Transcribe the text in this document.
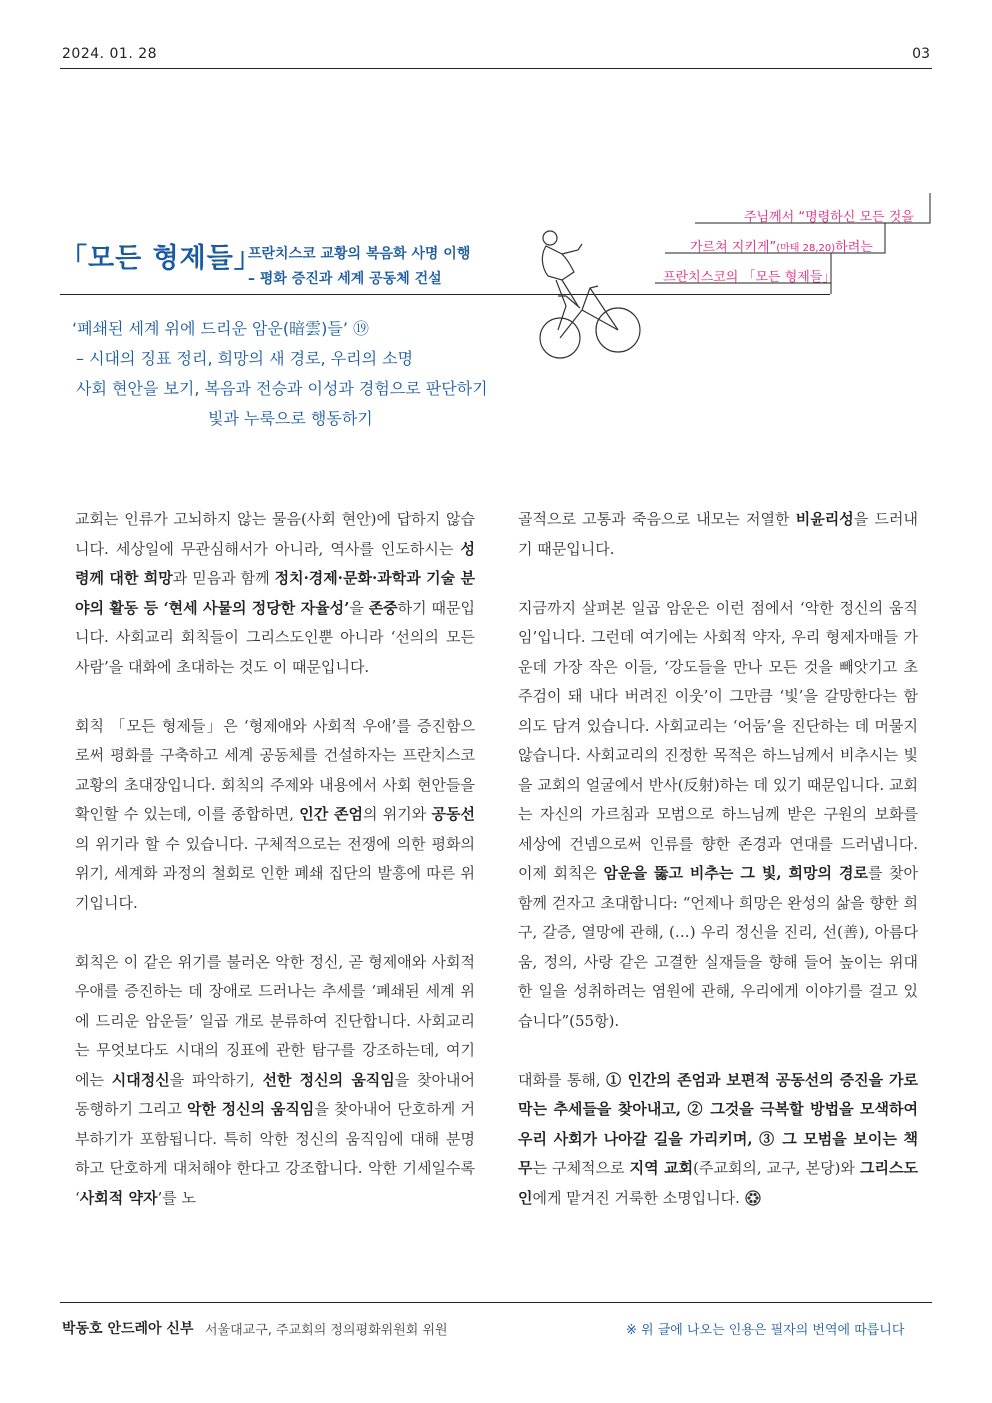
2024. 01. 28	03
「모든 형제들」
프란치스코 교황의 복음화 사명 이행
– 평화 증진과 세계 공동체 건설
주님께서 “명령하신 모든 것을
가르쳐 지키게”(마태 28,20)하려는
프란치스코의 「모든 형제들」
‘폐쇄된 세계 위에 드리운 암운(暗雲)들’ ⑲
– 시대의 징표 정리, 희망의 새 경로, 우리의 소명
사회 현안을 보기, 복음과 전승과 이성과 경험으로 판단하기
빛과 누룩으로 행동하기

교회는 인류가 고뇌하지 않는 물음(사회 현안)에 답하지 않습니다. 세상일에 무관심해서가 아니라, 역사를 인도하시는 성령께 대한 희망과 믿음과 함께 정치·경제·문화·과학과 기술 분야의 활동 등 ‘현세 사물의 정당한 자율성’을 존중하기 때문입니다. 사회교리 회칙들이 그리스도인뿐 아니라 ‘선의의 모든 사람’을 대화에 초대하는 것도 이 때문입니다.

회칙 「모든 형제들」은 ‘형제애와 사회적 우애’를 증진함으로써 평화를 구축하고 세계 공동체를 건설하자는 프란치스코 교황의 초대장입니다. 회칙의 주제와 내용에서 사회 현안들을 확인할 수 있는데, 이를 종합하면, 인간 존엄의 위기와 공동선의 위기라 할 수 있습니다. 구체적으로는 전쟁에 의한 평화의 위기, 세계화 과정의 철회로 인한 폐쇄 집단의 발흥에 따른 위기입니다.

회칙은 이 같은 위기를 불러온 악한 정신, 곧 형제애와 사회적 우애를 증진하는 데 장애로 드러나는 추세를 ‘폐쇄된 세계 위에 드리운 암운들’ 일곱 개로 분류하여 진단합니다. 사회교리는 무엇보다도 시대의 징표에 관한 탐구를 강조하는데, 여기에는 시대정신을 파악하기, 선한 정신의 움직임을 찾아내어 동행하기 그리고 악한 정신의 움직임을 찾아내어 단호하게 거부하기가 포함됩니다. 특히 악한 정신의 움직임에 대해 분명하고 단호하게 대처해야 한다고 강조합니다. 악한 기세일수록 ‘사회적 약자’를 노

골적으로 고통과 죽음으로 내모는 저열한 비윤리성을 드러내기 때문입니다.

지금까지 살펴본 일곱 암운은 이런 점에서 ‘악한 정신의 움직임’입니다. 그런데 여기에는 사회적 약자, 우리 형제자매들 가운데 가장 작은 이들, ‘강도들을 만나 모든 것을 빼앗기고 초주검이 돼 내다 버려진 이웃’이 그만큼 ‘빛’을 갈망한다는 함의도 담겨 있습니다. 사회교리는 ‘어둠’을 진단하는 데 머물지 않습니다. 사회교리의 진정한 목적은 하느님께서 비추시는 빛을 교회의 얼굴에서 반사(反射)하는 데 있기 때문입니다. 교회는 자신의 가르침과 모범으로 하느님께 받은 구원의 보화를 세상에 건넴으로써 인류를 향한 존경과 연대를 드러냅니다. 이제 회칙은 암운을 뚫고 비추는 그 빛, 희망의 경로를 찾아 함께 걷자고 초대합니다: “언제나 희망은 완성의 삶을 향한 희구, 갈증, 열망에 관해, (…) 우리 정신을 진리, 선(善), 아름다움, 정의, 사랑 같은 고결한 실재들을 향해 들어 높이는 위대한 일을 성취하려는 염원에 관해, 우리에게 이야기를 걸고 있습니다”(55항).

대화를 통해, ① 인간의 존엄과 보편적 공동선의 증진을 가로막는 추세들을 찾아내고, ② 그것을 극복할 방법을 모색하여 우리 사회가 나아갈 길을 가리키며, ③ 그 모범을 보이는 책무는 구체적으로 지역 교회(주교회의, 교구, 본당)와 그리스도인에게 맡겨진 거룩한 소명입니다.

박동호 안드레아 신부 서울대교구, 주교회의 정의평화위원회 위원	※ 위 글에 나오는 인용은 필자의 번역에 따릅니다
